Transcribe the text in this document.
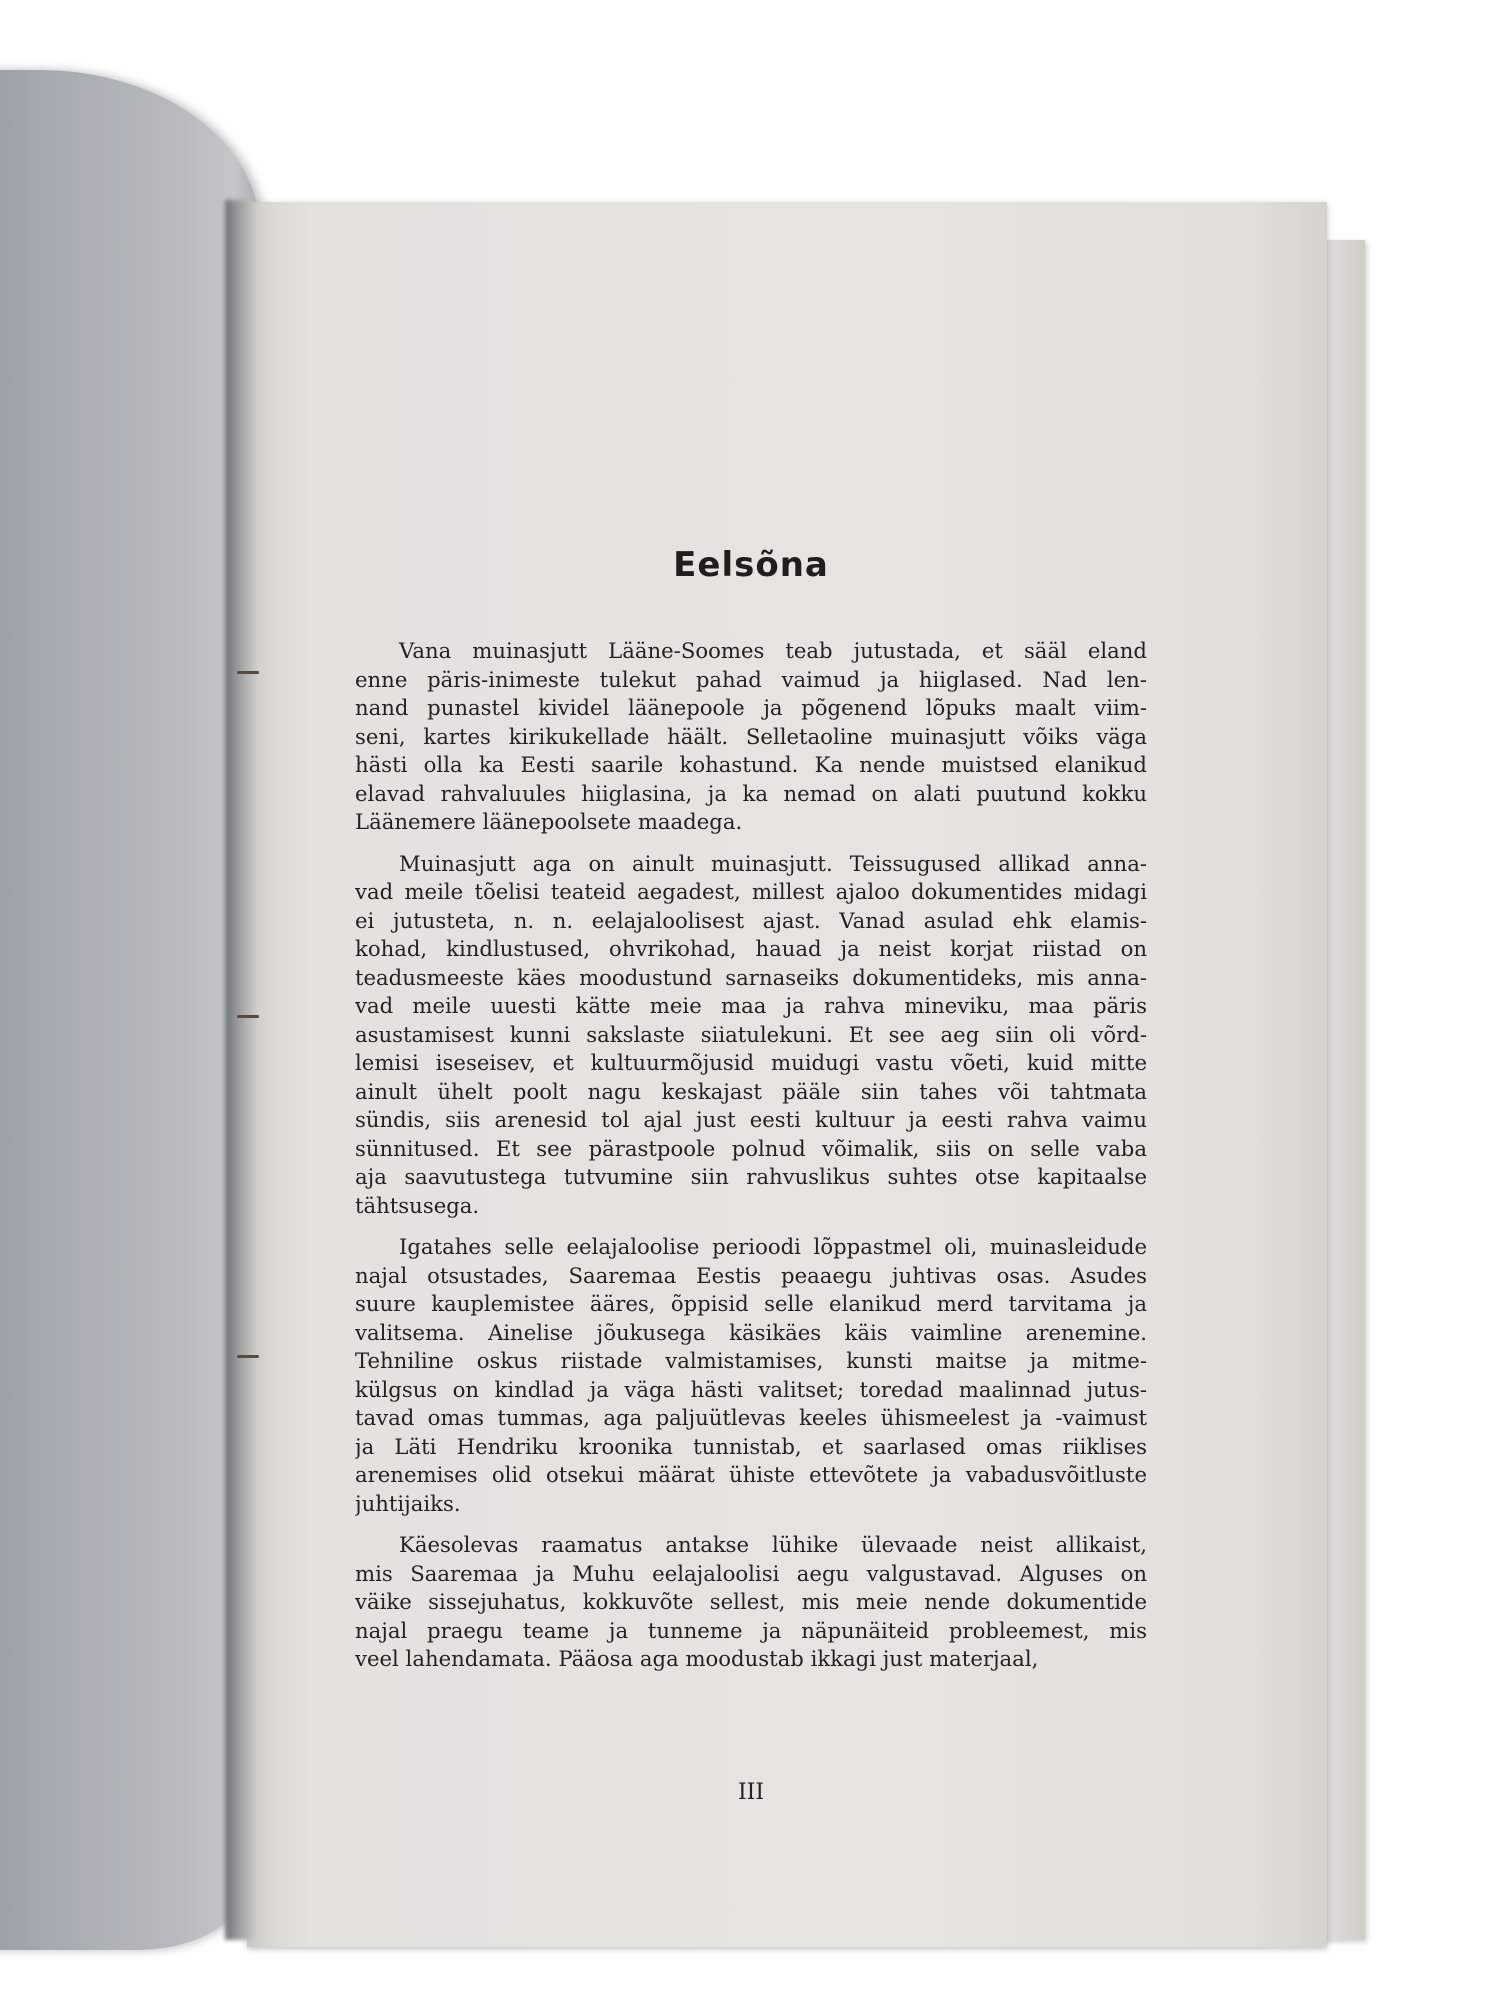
Eelsõna

Vana muinasjutt Lääne-Soomes teab jutustada, et sääl eland
enne päris-inimeste tulekut pahad vaimud ja hiiglased. Nad len-
nand punastel kividel läänepoole ja põgenend lõpuks maalt viim-
seni, kartes kirikukellade häält. Selletaoline muinasjutt võiks väga
hästi olla ka Eesti saarile kohastund. Ka nende muistsed elanikud
elavad rahvaluules hiiglasina, ja ka nemad on alati puutund kokku
Läänemere läänepoolsete maadega.

Muinasjutt aga on ainult muinasjutt. Teissugused allikad anna-
vad meile tõelisi teateid aegadest, millest ajaloo dokumentides midagi
ei jutusteta, n. n. eelajaloolisest ajast. Vanad asulad ehk elamis-
kohad, kindlustused, ohvrikohad, hauad ja neist korjat riistad on
teadusmeeste käes moodustund sarnaseiks dokumentideks, mis anna-
vad meile uuesti kätte meie maa ja rahva mineviku, maa päris
asustamisest kunni sakslaste siiatulekuni. Et see aeg siin oli võrd-
lemisi iseseisev, et kultuurmõjusid muidugi vastu võeti, kuid mitte
ainult ühelt poolt nagu keskajast pääle siin tahes või tahtmata
sündis, siis arenesid tol ajal just eesti kultuur ja eesti rahva vaimu
sünnitused. Et see pärastpoole polnud võimalik, siis on selle vaba
aja saavutustega tutvumine siin rahvuslikus suhtes otse kapitaalse
tähtsusega.

Igatahes selle eelajaloolise perioodi lõppastmel oli, muinasleidude
najal otsustades, Saaremaa Eestis peaaegu juhtivas osas. Asudes
suure kauplemistee ääres, õppisid selle elanikud merd tarvitama ja
valitsema. Ainelise jõukusega käsikäes käis vaimline arenemine.
Tehniline oskus riistade valmistamises, kunsti maitse ja mitme-
külgsus on kindlad ja väga hästi valitset; toredad maalinnad jutus-
tavad omas tummas, aga paljuütlevas keeles ühismeelest ja -vaimust
ja Läti Hendriku kroonika tunnistab, et saarlased omas riiklises
arenemises olid otsekui määrat ühiste ettevõtete ja vabadusvõitluste
juhtijaiks.

Käesolevas raamatus antakse lühike ülevaade neist allikaist,
mis Saaremaa ja Muhu eelajaloolisi aegu valgustavad. Alguses on
väike sissejuhatus, kokkuvõte sellest, mis meie nende dokumentide
najal praegu teame ja tunneme ja näpunäiteid probleemest, mis
veel lahendamata. Pääosa aga moodustab ikkagi just materjaal,

III
